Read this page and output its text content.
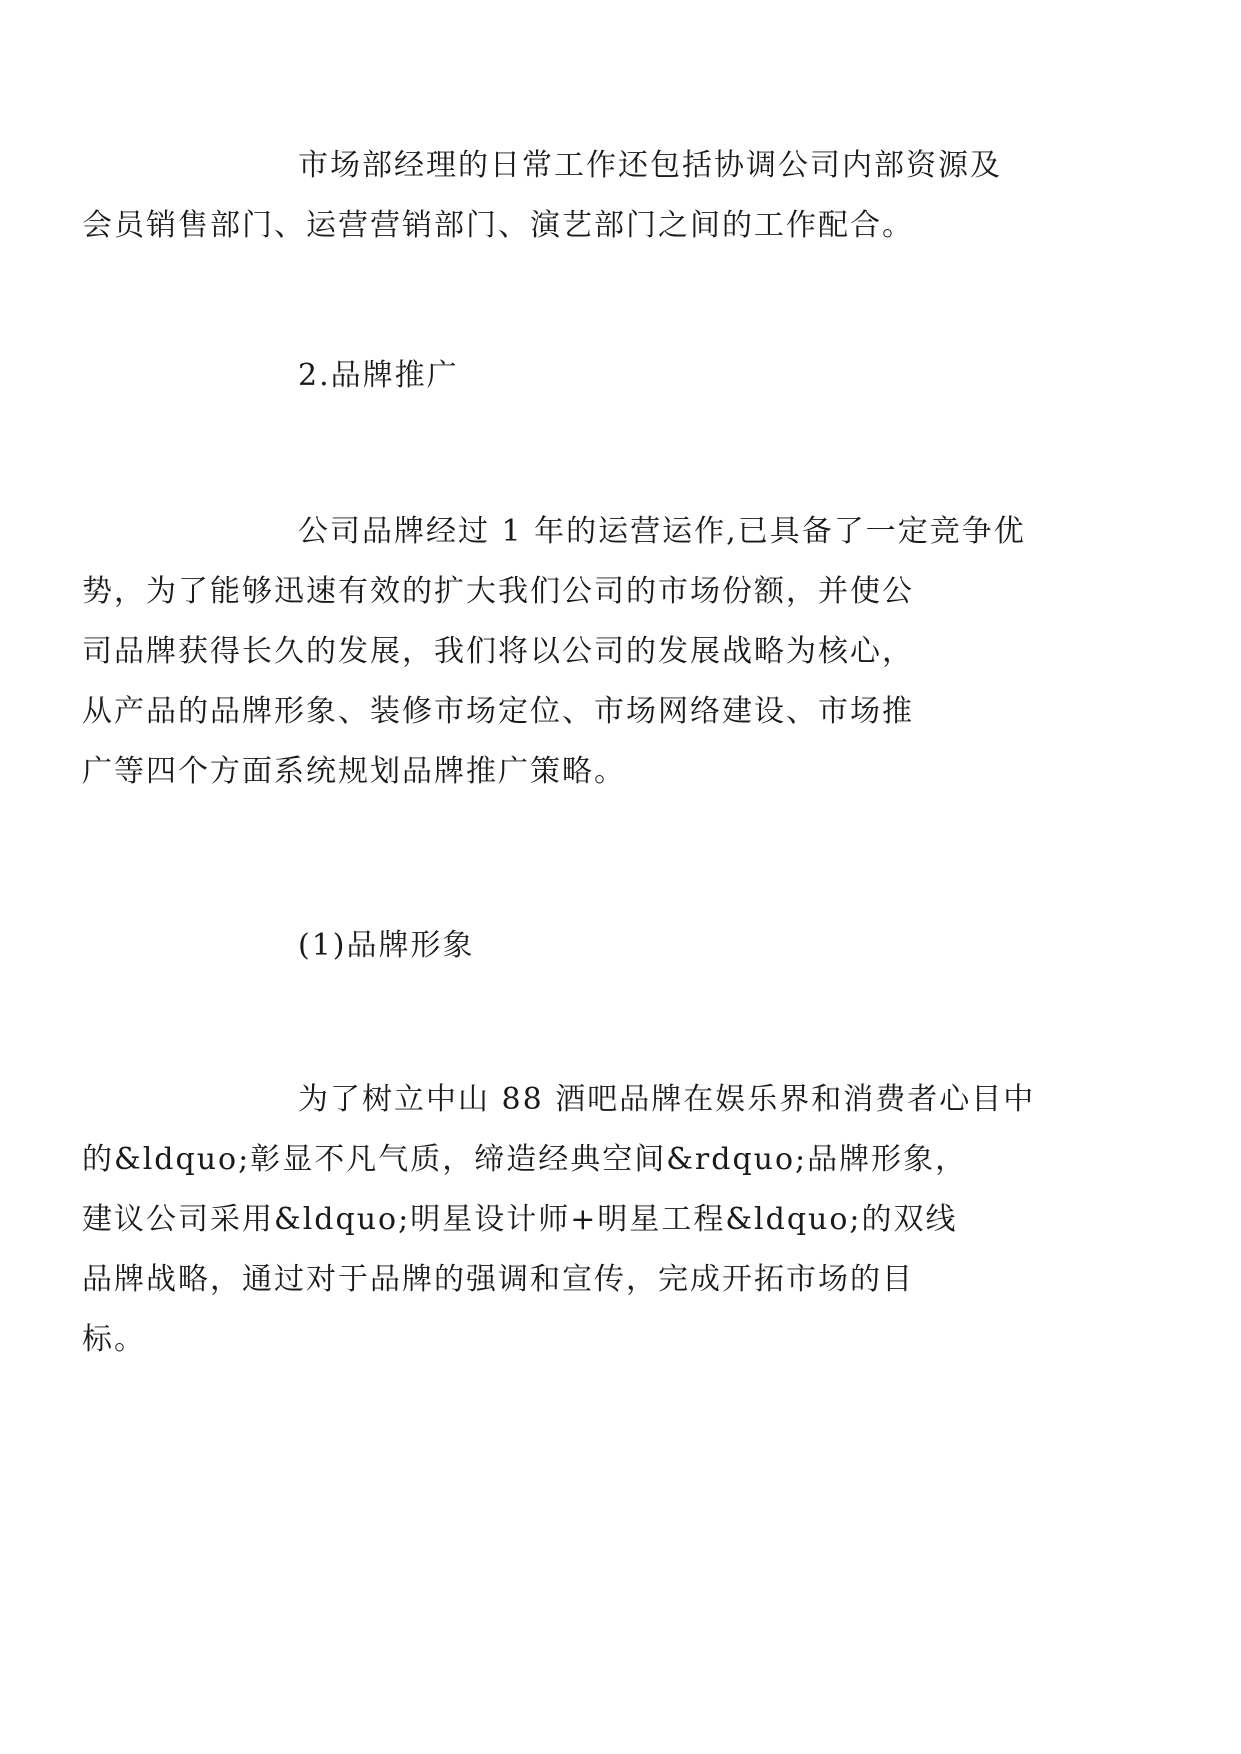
市场部经理的日常工作还包括协调公司内部资源及
会员销售部门、运营营销部门、演艺部门之间的工作配合。

2.品牌推广

公司品牌经过 1 年的运营运作,已具备了一定竞争优
势，为了能够迅速有效的扩大我们公司的市场份额，并使公
司品牌获得长久的发展，我们将以公司的发展战略为核心，
从产品的品牌形象、装修市场定位、市场网络建设、市场推
广等四个方面系统规划品牌推广策略。

(1)品牌形象

为了树立中山 88 酒吧品牌在娱乐界和消费者心目中
的&ldquo;彰显不凡气质，缔造经典空间&rdquo;品牌形象，
建议公司采用&ldquo;明星设计师+明星工程&ldquo;的双线
品牌战略，通过对于品牌的强调和宣传，完成开拓市场的目
标。
